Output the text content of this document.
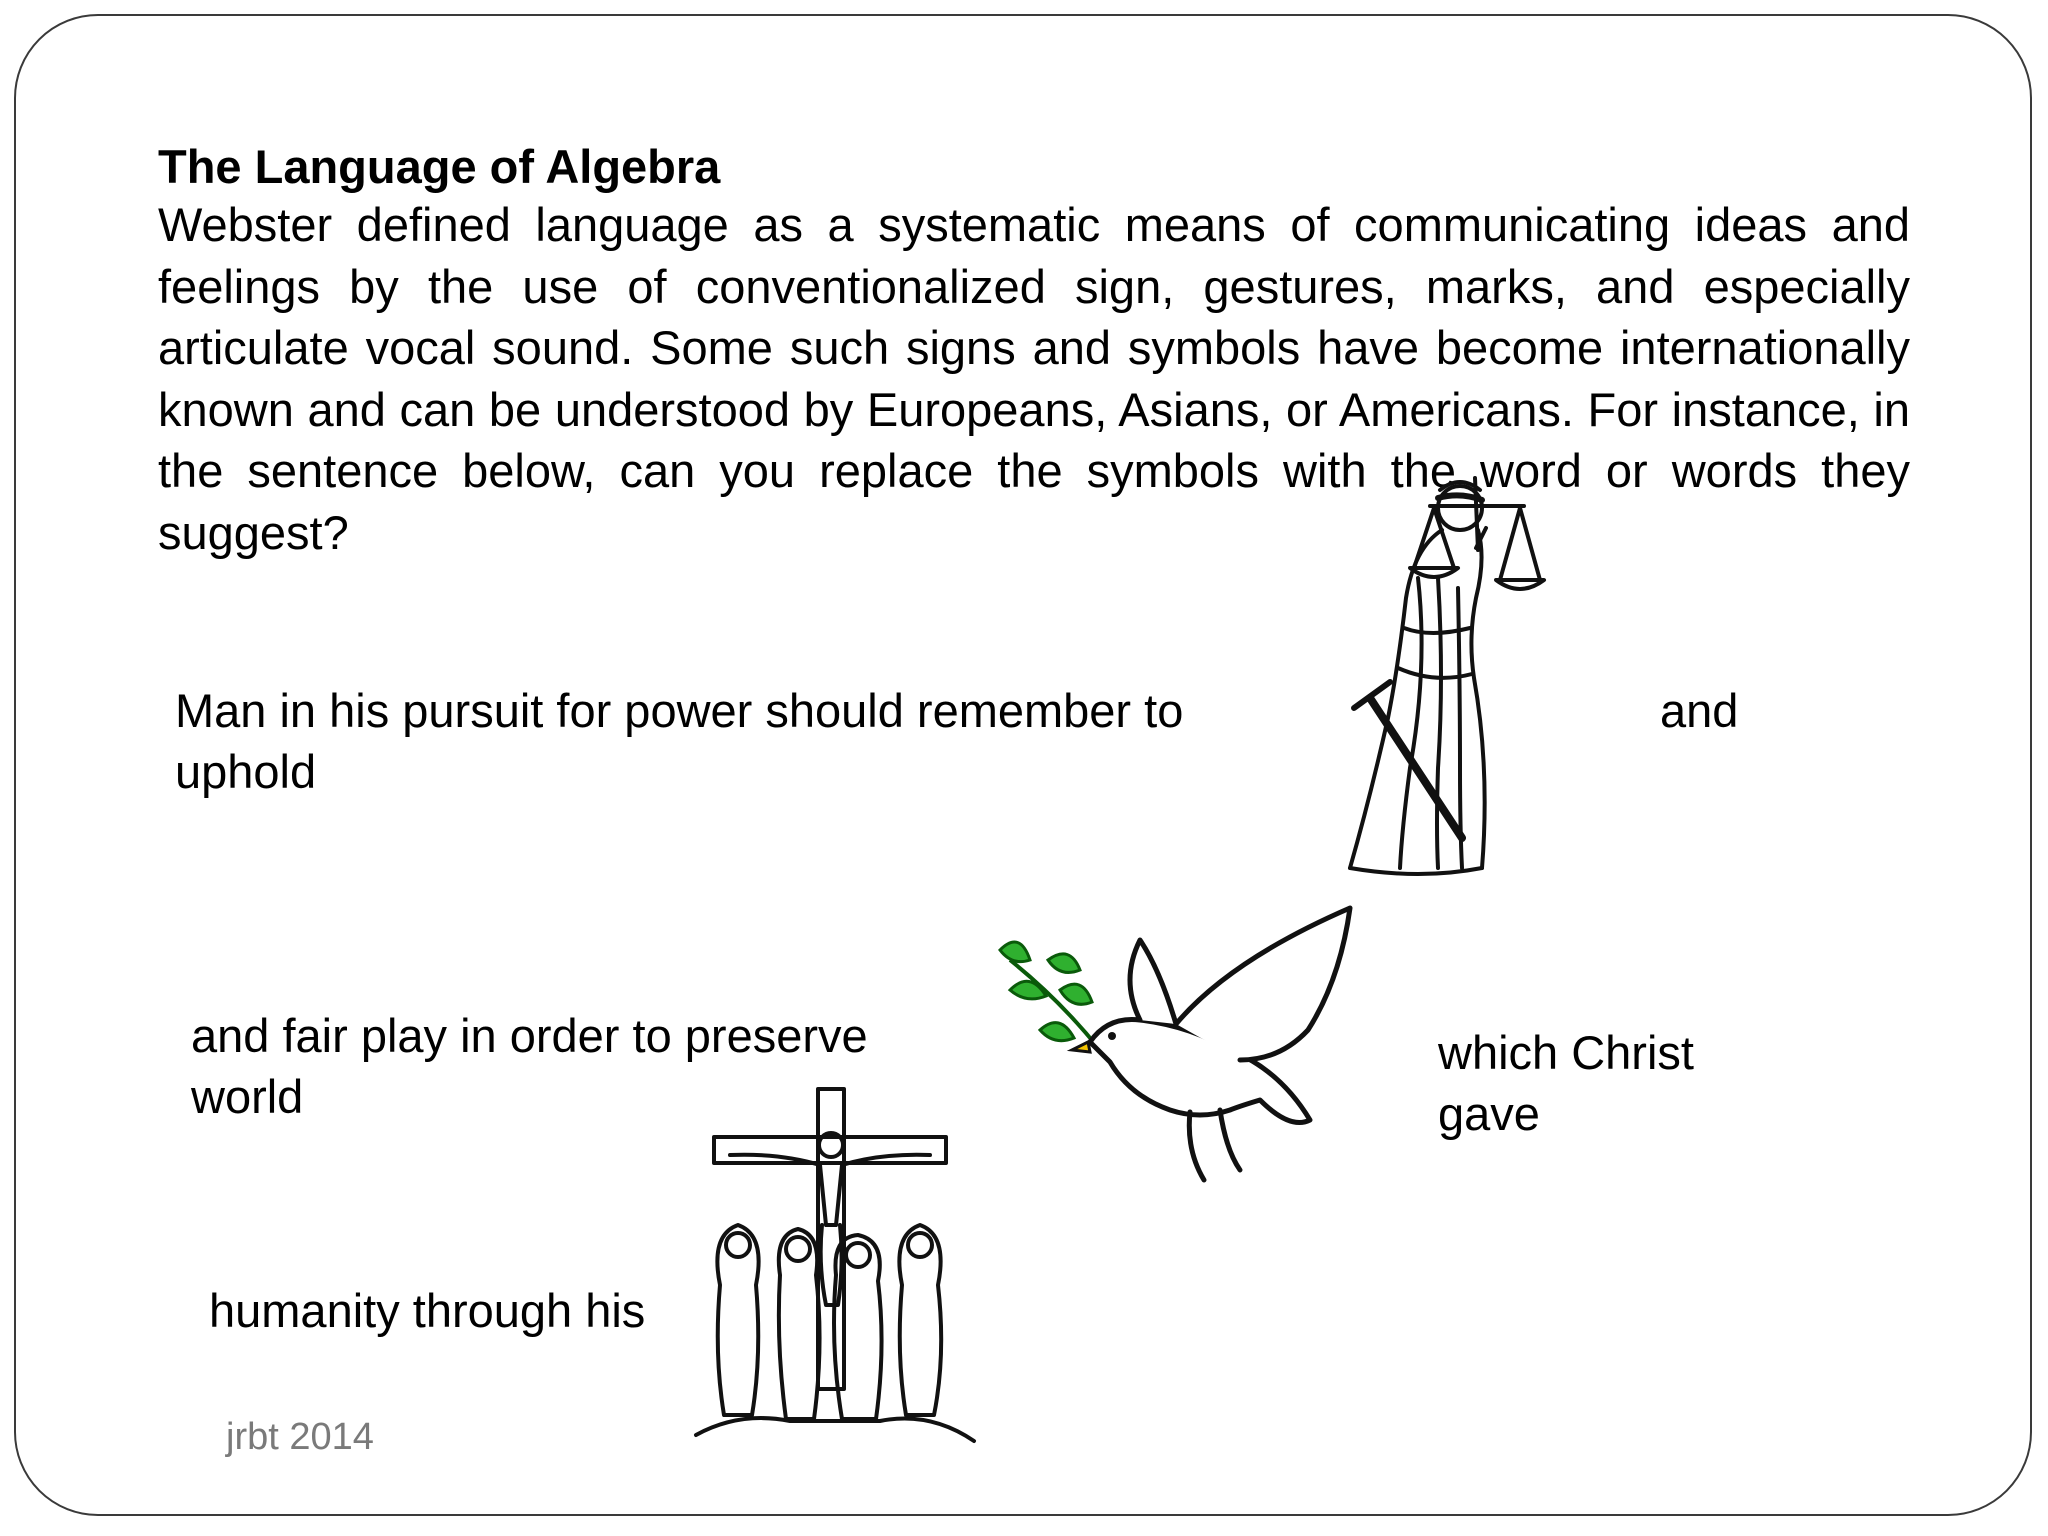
The Language of Algebra

Webster defined language as a systematic means of communicating ideas and feelings by the use of conventionalized sign, gestures, marks, and especially articulate vocal sound. Some such signs and symbols have become internationally known and can be understood by Europeans, Asians, or Americans. For instance, in the sentence below, can you replace the symbols with the word or words they suggest?

Man in his pursuit for power should remember to	and
uphold
and fair play in order to preserve
world
which Christ
gave
humanity through his
jrbt 2014
